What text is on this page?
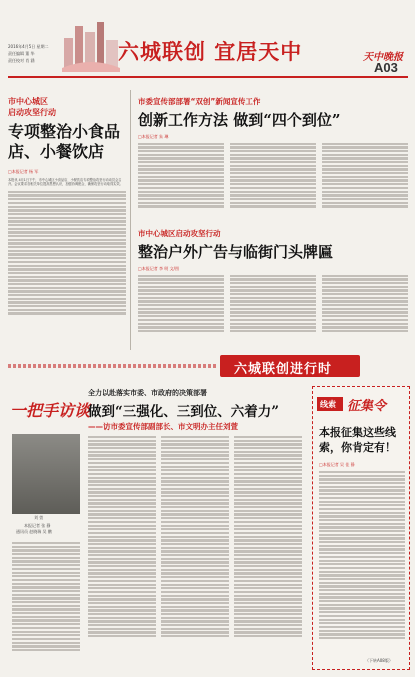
2016年4月5日 星期二
责任编辑 董 华
责任校对 肖 涵	六城联创 宜居天中	天中晚报
A03
市中心城区
启动攻坚行动
专项整治小食品店、小餐饮店
□本报记者 杨 军
本报讯 4月1日下午，市中心城区小食品店、小餐饮店专项整治攻坚行动动员会召开。会议要求各相关单位提高思想认识，加强协调配合，确保攻坚行动取得实效。
市委宣传部部署“双创”新闻宣传工作
创新工作方法 做到“四个到位”
□本报记者 朱 琳
市中心城区启动攻坚行动
整治户外广告与临街门头牌匾
□本报记者 李 明 文/图
六城联创进行时
一把手访谈
刘 萱
本报记者 张 静
通讯员 赵晓瑞 吴 鹏
全力以赴落实市委、市政府的决策部署
做到“三强化、三到位、六着力”
——访市委宣传部副部长、市文明办主任刘萱
线索 征集令
本报征集这些线索，你肯定有！
□本报记者 吴 佳 静
（下转A08版）
